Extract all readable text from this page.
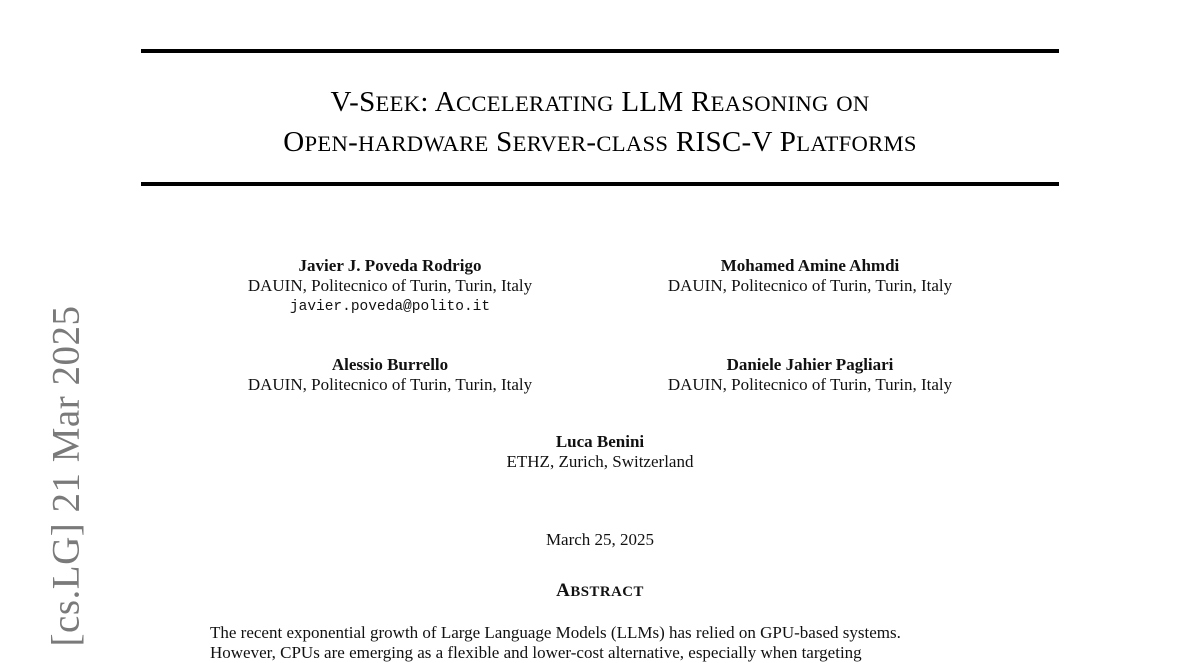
V-SEEK: ACCELERATING LLM REASONING ON
OPEN-HARDWARE SERVER-CLASS RISC-V PLATFORMS
Javier J. Poveda Rodrigo
DAUIN, Politecnico of Turin, Turin, Italy
javier.poveda@polito.it
Mohamed Amine Ahmdi
DAUIN, Politecnico of Turin, Turin, Italy
Alessio Burrello
DAUIN, Politecnico of Turin, Turin, Italy
Daniele Jahier Pagliari
DAUIN, Politecnico of Turin, Turin, Italy
Luca Benini
ETHZ, Zurich, Switzerland
March 25, 2025
ABSTRACT
The recent exponential growth of Large Language Models (LLMs) has relied on GPU-based systems.
However, CPUs are emerging as a flexible and lower-cost alternative, especially when targeting
[cs.LG] 21 Mar 2025
